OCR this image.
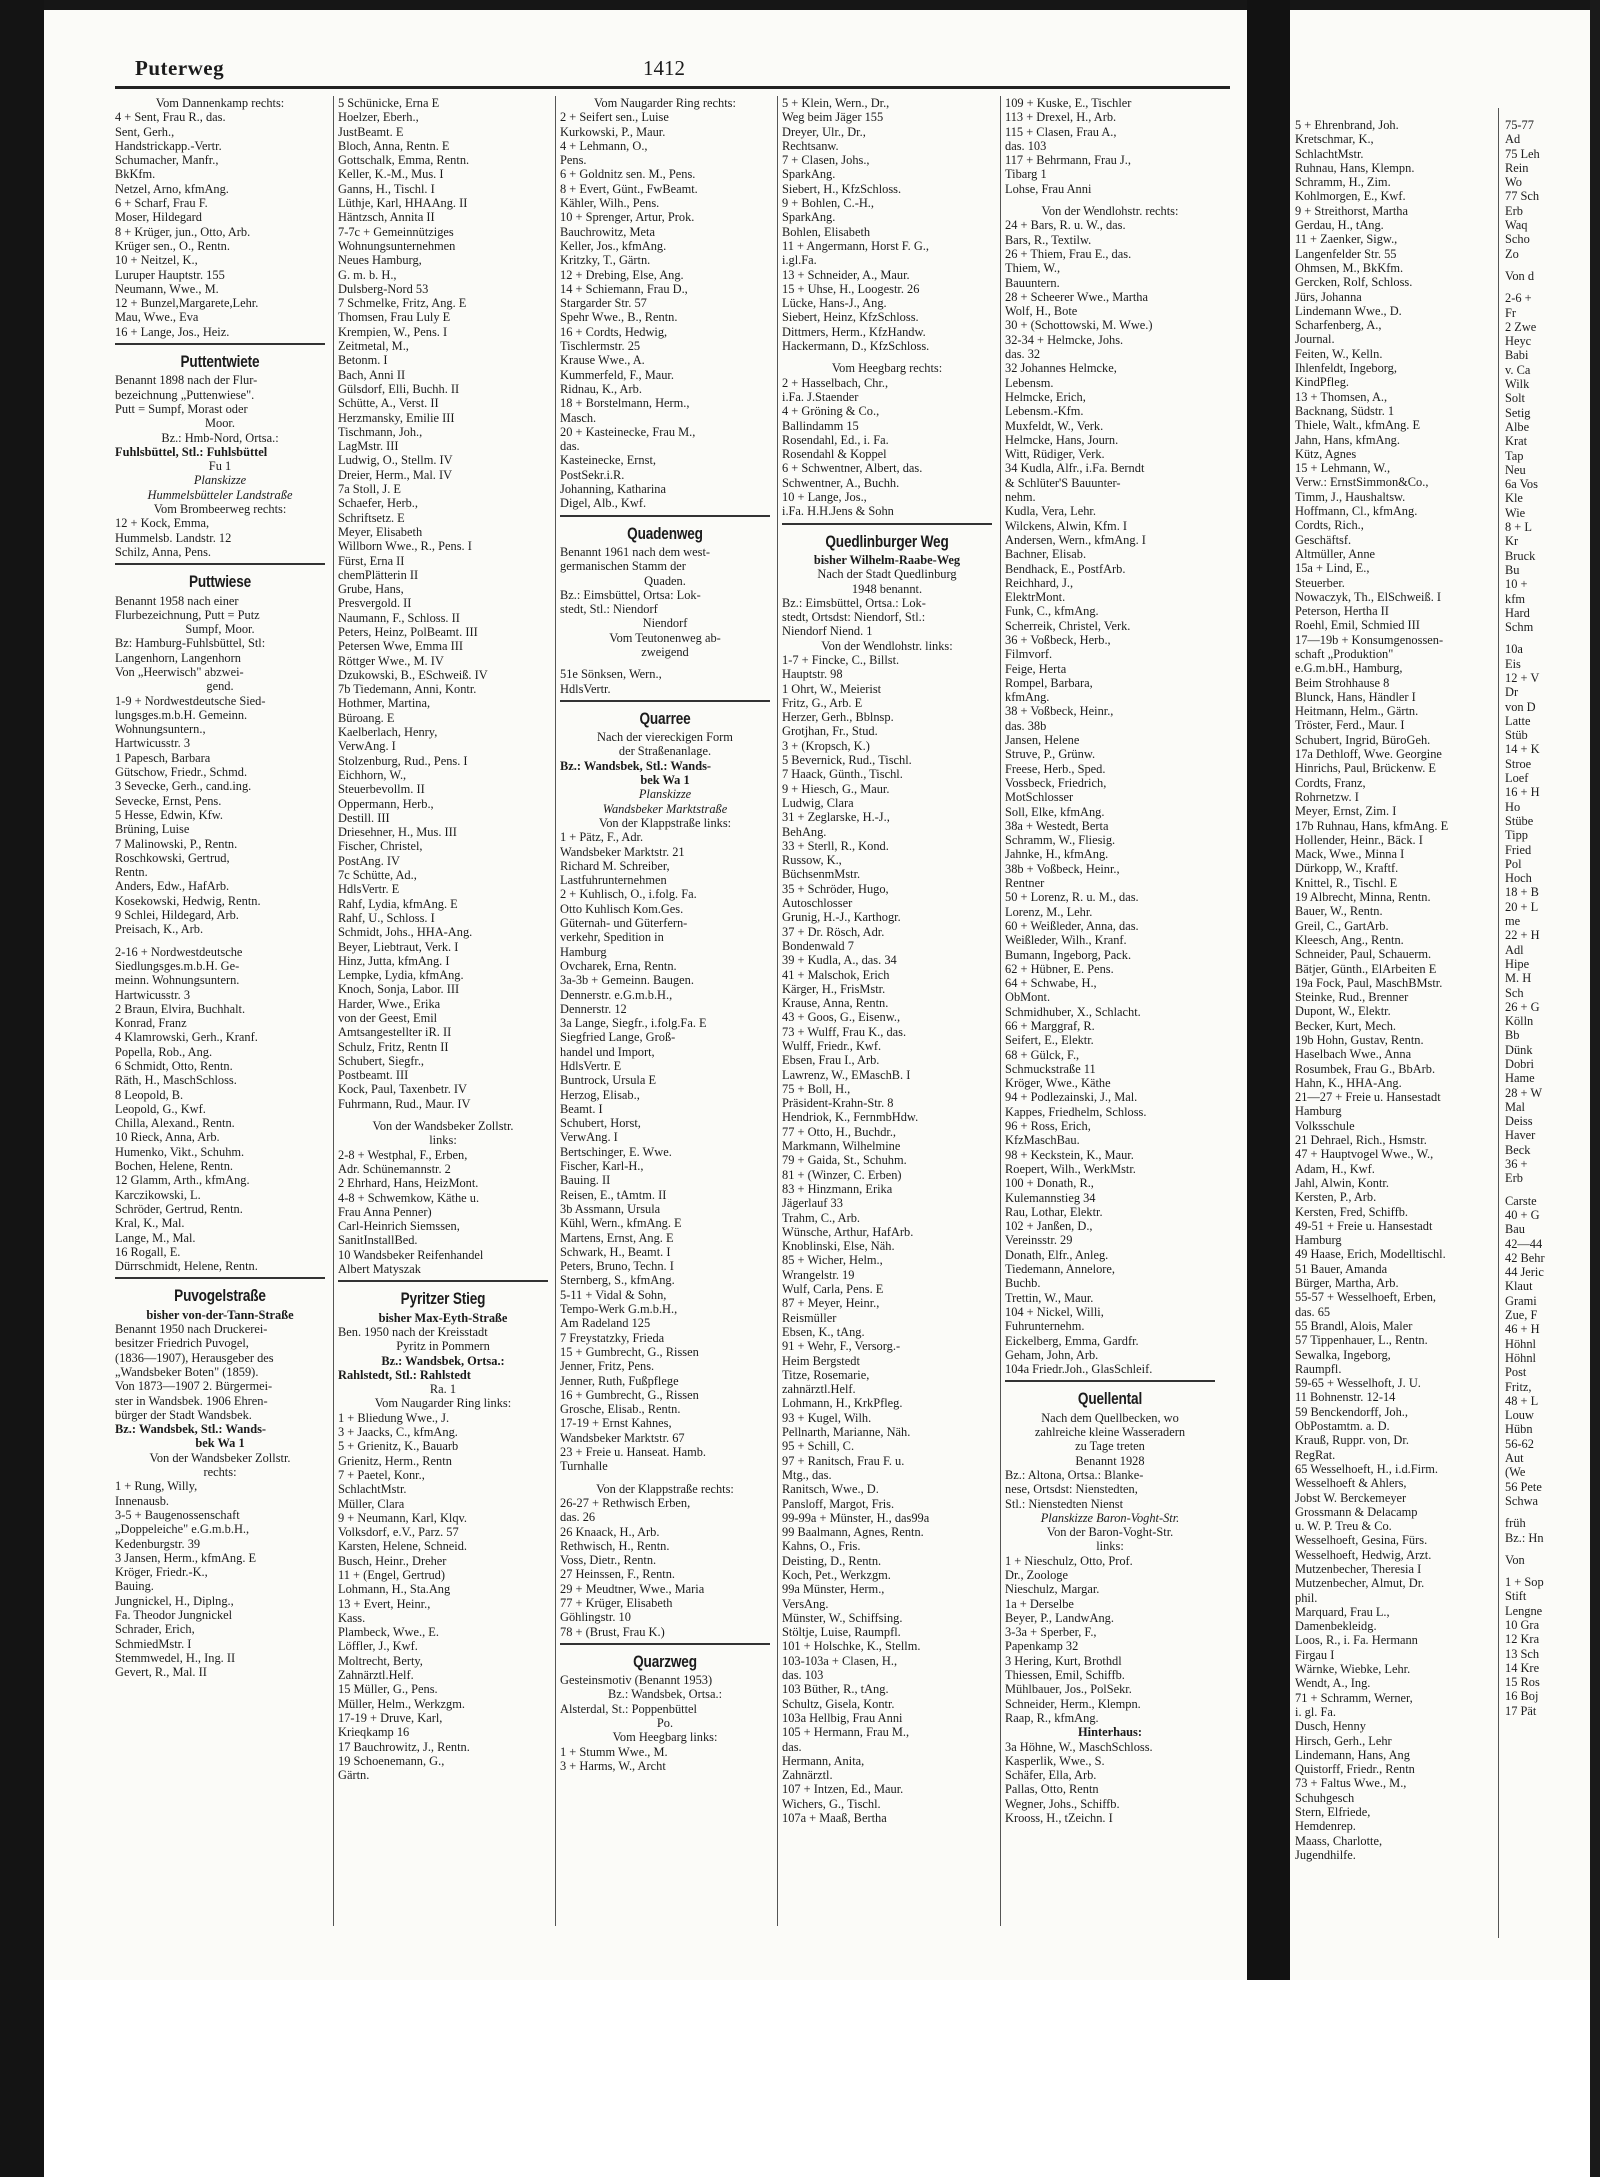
5 + Ehrenbrand, Joh.
Kretschmar, K.,
SchlachtMstr.
Ruhnau, Hans, Klempn.
Schramm, H., Zim.
Kohlmorgen, E., Kwf.
9 + Streithorst, Martha
Gerdau, H., tAng.
11 + Zaenker, Sigw.,
Langenfelder Str. 55
Ohmsen, M., BkKfm.
Gercken, Rolf, Schloss.
Jürs, Johanna
Lindemann Wwe., D.
Scharfenberg, A.,
Journal.
Feiten, W., Kelln.
Ihlenfeldt, Ingeborg,
KindPfleg.
13 + Thomsen, A.,
Backnang, Südstr. 1
Thiele, Walt., kfmAng. E
Jahn, Hans, kfmAng.
Kütz, Agnes
15 + Lehmann, W.,
Verw.: ErnstSimmon&Co.,
Timm, J., Haushaltsw.
Hoffmann, Cl., kfmAng.
Cordts, Rich.,
Geschäftsf.
Altmüller, Anne
15a + Lind, E.,
Steuerber.
Nowaczyk, Th., ElSchweiß. I
Peterson, Hertha II
Roehl, Emil, Schmied III
17—19b + Konsumgenossen-
schaft „Produktion"
e.G.m.bH., Hamburg,
Beim Strohhause 8
Blunck, Hans, Händler I
Heitmann, Helm., Gärtn.
Tröster, Ferd., Maur. I
Schubert, Ingrid, BüroGeh.
17a Dethloff, Wwe. Georgine
Hinrichs, Paul, Brückenw. E
Cordts, Franz,
Rohrnetzw. I
Meyer, Ernst, Zim. I
17b Ruhnau, Hans, kfmAng. E
Hollender, Heinr., Bäck. I
Mack, Wwe., Minna I
Dürkopp, W., Kraftf.
Knittel, R., Tischl. E
19 Albrecht, Minna, Rentn.
Bauer, W., Rentn.
Greil, C., GartArb.
Kleesch, Ang., Rentn.
Schneider, Paul, Schauerm.
Bätjer, Günth., ElArbeiten E
19a Fock, Paul, MaschBMstr.
Steinke, Rud., Brenner
Dupont, W., Elektr.
Becker, Kurt, Mech.
19b Hohn, Gustav, Rentn.
Haselbach Wwe., Anna
Rosumbek, Frau G., BbArb.
Hahn, K., HHA-Ang.
21—27 + Freie u. Hansestadt
Hamburg
Volksschule
21 Dehrael, Rich., Hsmstr.
47 + Hauptvogel Wwe., W.,
Adam, H., Kwf.
Jahl, Alwin, Kontr.
Kersten, P., Arb.
Kersten, Fred, Schiffb.
49-51 + Freie u. Hansestadt
Hamburg
49 Haase, Erich, Modelltischl.
51 Bauer, Amanda
Bürger, Martha, Arb.
55-57 + Wesselhoeft, Erben,
das. 65
55 Brandl, Alois, Maler
57 Tippenhauer, L., Rentn.
Sewalka, Ingeborg,
Raumpfl.
59-65 + Wesselhoft, J. U.
11 Bohnenstr. 12-14
59 Benckendorff, Joh.,
ObPostamtm. a. D.
Krauß, Ruppr. von, Dr.
RegRat.
65 Wesselhoeft, H., i.d.Firm.
Wesselhoeft & Ahlers,
Jobst W. Berckemeyer
Grossmann & Delacamp
u. W. P. Treu & Co.
Wesselhoeft, Gesina, Fürs.
Wesselhoeft, Hedwig, Arzt.
Mutzenbecher, Theresia I
Mutzenbecher, Almut, Dr.
phil.
Marquard, Frau L.,
Damenbekleidg.
Loos, R., i. Fa. Hermann
Firgau I
Wärnke, Wiebke, Lehr.
Wendt, A., Ing.
71 + Schramm, Werner,
i. gl. Fa.
Dusch, Henny
Hirsch, Gerh., Lehr
Lindemann, Hans, Ang
Quistorff, Friedr., Rentn
73 + Faltus Wwe., M.,
Schuhgesch
Stern, Elfriede,
Hemdenrep.
Maass, Charlotte,
Jugendhilfe.
75-77
Ad
75 Leh
Rein
Wo
77 Sch
Erb
Waq
Scho
Zo
Von d
2-6 +
Fr
2 Zwe
Heyc
Babi
v. Ca
Wilk
Solt
Setig
Albe
Krat
Tap
Neu
6a Vos
Kle
Wie
8 + L
Kr
Bruck
Bu
10 +
kfm
Hard
Schm
10a
Eis
12 + V
Dr
von D
Latte
Stüb
14 + K
Stroe
Loef
16 + H
Ho
Stübe
Tipp
Fried
Pol
Hoch
18 + B
20 + L
me
22 + H
Adl
Hipe
M. H
Sch
26 + G
Kölln
Bb
Dünk
Dobri
Hame
28 + W
Mal
Deiss
Haver
Beck
36 +
Erb
Carste
40 + G
Bau
42—44
42 Behr
44 Jeric
Klaut
Grami
Zue, F
46 + H
Höhnl
Höhnl
Post
Fritz,
48 + L
Louw
Hübn
56-62
Aut
(We
56 Pete
Schwa
früh
Bz.: Hn
Von
1 + Sop
Stift
Lengne
10 Gra
12 Kra
13 Sch
14 Kre
15 Ros
16 Boj
17 Pät
Puterweg	1412
Vom Dannenkamp rechts:
4 + Sent, Frau R., das.
Sent, Gerh.,
Handstrickapp.-Vertr.
Schumacher, Manfr.,
BkKfm.
Netzel, Arno, kfmAng.
6 + Scharf, Frau F.
Moser, Hildegard
8 + Krüger, jun., Otto, Arb.
Krüger sen., O., Rentn.
10 + Neitzel, K.,
Luruper Hauptstr. 155
Neumann, Wwe., M.
12 + Bunzel,Margarete,Lehr.
Mau, Wwe., Eva
16 + Lange, Jos., Heiz.
Puttentwiete
Benannt 1898 nach der Flur-
bezeichnung „Puttenwiese".
Putt = Sumpf, Morast oder
Moor.
Bz.: Hmb-Nord, Ortsa.:
Fuhlsbüttel, Stl.: Fuhlsbüttel
Fu 1
Planskizze
Hummelsbütteler Landstraße
Vom Brombeerweg rechts:
12 + Kock, Emma,
Hummelsb. Landstr. 12
Schilz, Anna, Pens.
Puttwiese
Benannt 1958 nach einer
Flurbezeichnung, Putt = Putz
Sumpf, Moor.
Bz: Hamburg-Fuhlsbüttel, Stl:
Langenhorn, Langenhorn
Von „Heerwisch" abzwei-
gend.
1-9 + Nordwestdeutsche Sied-
lungsges.m.b.H. Gemeinn.
Wohnungsuntern.,
Hartwicusstr. 3
1 Papesch, Barbara
Gütschow, Friedr., Schmd.
3 Sevecke, Gerh., cand.ing.
Sevecke, Ernst, Pens.
5 Hesse, Edwin, Kfw.
Brüning, Luise
7 Malinowski, P., Rentn.
Roschkowski, Gertrud,
Rentn.
Anders, Edw., HafArb.
Kosekowski, Hedwig, Rentn.
9 Schlei, Hildegard, Arb.
Preisach, K., Arb.
2-16 + Nordwestdeutsche
Siedlungsges.m.b.H. Ge-
meinn. Wohnungsuntern.
Hartwicusstr. 3
2 Braun, Elvira, Buchhalt.
Konrad, Franz
4 Klamrowski, Gerh., Kranf.
Popella, Rob., Ang.
6 Schmidt, Otto, Rentn.
Räth, H., MaschSchloss.
8 Leopold, B.
Leopold, G., Kwf.
Chilla, Alexand., Rentn.
10 Rieck, Anna, Arb.
Humenko, Vikt., Schuhm.
Bochen, Helene, Rentn.
12 Glamm, Arth., kfmAng.
Karczikowski, L.
Schröder, Gertrud, Rentn.
Kral, K., Mal.
Lange, M., Mal.
16 Rogall, E.
Dürrschmidt, Helene, Rentn.
Puvogelstraße
bisher von-der-Tann-Straße
Benannt 1950 nach Druckerei-
besitzer Friedrich Puvogel,
(1836—1907), Herausgeber des
„Wandsbeker Boten" (1859).
Von 1873—1907 2. Bürgermei-
ster in Wandsbek. 1906 Ehren-
bürger der Stadt Wandsbek.
Bz.: Wandsbek, Stl.: Wands-
bek Wa 1
Von der Wandsbeker Zollstr.
rechts:
1 + Rung, Willy,
Innenausb.
3-5 + Baugenossenschaft
„Doppeleiche" e.G.m.b.H.,
Kedenburgstr. 39
3 Jansen, Herm., kfmAng. E
Kröger, Friedr.-K.,
Bauing.
Jungnickel, H., Diplng.,
Fa. Theodor Jungnickel
Schrader, Erich,
SchmiedMstr. I
Stemmwedel, H., Ing. II
Gevert, R., Mal. II
5 Schünicke, Erna E
Hoelzer, Eberh.,
JustBeamt. E
Bloch, Anna, Rentn. E
Gottschalk, Emma, Rentn.
Keller, K.-M., Mus. I
Ganns, H., Tischl. I
Lüthje, Karl, HHAAng. II
Häntzsch, Annita II
7-7c + Gemeinnütziges
Wohnungsunternehmen
Neues Hamburg,
G. m. b. H.,
Dulsberg-Nord 53
7 Schmelke, Fritz, Ang. E
Thomsen, Frau Luly E
Krempien, W., Pens. I
Zeitmetal, M.,
Betonm. I
Bach, Anni II
Gülsdorf, Elli, Buchh. II
Schütte, A., Verst. II
Herzmansky, Emilie III
Tischmann, Joh.,
LagMstr. III
Ludwig, O., Stellm. IV
Dreier, Herm., Mal. IV
7a Stoll, J. E
Schaefer, Herb.,
Schriftsetz. E
Meyer, Elisabeth
Willborn Wwe., R., Pens. I
Fürst, Erna II
chemPlätterin II
Grube, Hans,
Presvergold. II
Naumann, F., Schloss. II
Peters, Heinz, PolBeamt. III
Petersen Wwe, Emma III
Röttger Wwe., M. IV
Dzukowski, B., ESchweiß. IV
7b Tiedemann, Anni, Kontr.
Hothmer, Martina,
Büroang. E
Kaelberlach, Henry,
VerwAng. I
Stolzenburg, Rud., Pens. I
Eichhorn, W.,
Steuerbevollm. II
Oppermann, Herb.,
Destill. III
Driesehner, H., Mus. III
Fischer, Christel,
PostAng. IV
7c Schütte, Ad.,
HdlsVertr. E
Rahf, Lydia, kfmAng. E
Rahf, U., Schloss. I
Schmidt, Johs., HHA-Ang.
Beyer, Liebtraut, Verk. I
Hinz, Jutta, kfmAng. I
Lempke, Lydia, kfmAng.
Knoch, Sonja, Labor. III
Harder, Wwe., Erika
von der Geest, Emil
Amtsangestellter iR. II
Schulz, Fritz, Rentn II
Schubert, Siegfr.,
Postbeamt. III
Kock, Paul, Taxenbetr. IV
Fuhrmann, Rud., Maur. IV
Von der Wandsbeker Zollstr.
links:
2-8 + Westphal, F., Erben,
Adr. Schünemannstr. 2
2 Ehrhard, Hans, HeizMont.
4-8 + Schwemkow, Käthe u.
Frau Anna Penner)
Carl-Heinrich Siemssen,
SanitInstallBed.
10 Wandsbeker Reifenhandel
Albert Matyszak
Pyritzer Stieg
bisher Max-Eyth-Straße
Ben. 1950 nach der Kreisstadt
Pyritz in Pommern
Bz.: Wandsbek, Ortsa.:
Rahlstedt, Stl.: Rahlstedt
Ra. 1
Vom Naugarder Ring links:
1 + Bliedung Wwe., J.
3 + Jaacks, C., kfmAng.
5 + Grienitz, K., Bauarb
Grienitz, Herm., Rentn
7 + Paetel, Konr.,
SchlachtMstr.
Müller, Clara
9 + Neumann, Karl, Klqv.
Volksdorf, e.V., Parz. 57
Karsten, Helene, Schneid.
Busch, Heinr., Dreher
11 + (Engel, Gertrud)
Lohmann, H., Sta.Ang
13 + Evert, Heinr.,
Kass.
Plambeck, Wwe., E.
Löffler, J., Kwf.
Moltrecht, Berty,
Zahnärztl.Helf.
15 Müller, G., Pens.
Müller, Helm., Werkzgm.
17-19 + Druve, Karl,
Krieqkamp 16
17 Bauchrowitz, J., Rentn.
19 Schoenemann, G.,
Gärtn.
Vom Naugarder Ring rechts:
2 + Seifert sen., Luise
Kurkowski, P., Maur.
4 + Lehmann, O.,
Pens.
6 + Goldnitz sen. M., Pens.
8 + Evert, Günt., FwBeamt.
Kähler, Wilh., Pens.
10 + Sprenger, Artur, Prok.
Bauchrowitz, Meta
Keller, Jos., kfmAng.
Kritzky, T., Gärtn.
12 + Drebing, Else, Ang.
14 + Schiemann, Frau D.,
Stargarder Str. 57
Spehr Wwe., B., Rentn.
16 + Cordts, Hedwig,
Tischlermstr. 25
Krause Wwe., A.
Kummerfeld, F., Maur.
Ridnau, K., Arb.
18 + Borstelmann, Herm.,
Masch.
20 + Kasteinecke, Frau M.,
das.
Kasteinecke, Ernst,
PostSekr.i.R.
Johanning, Katharina
Digel, Alb., Kwf.
Quadenweg
Benannt 1961 nach dem west-
germanischen Stamm der
Quaden.
Bz.: Eimsbüttel, Ortsa: Lok-
stedt, Stl.: Niendorf
Niendorf
Vom Teutonenweg ab-
zweigend
51e Sönksen, Wern.,
HdlsVertr.
Quarree
Nach der viereckigen Form
der Straßenanlage.
Bz.: Wandsbek, Stl.: Wands-
bek Wa 1
Planskizze
Wandsbeker Marktstraße
Von der Klappstraße links:
1 + Pätz, F., Adr.
Wandsbeker Marktstr. 21
Richard M. Schreiber,
Lastfuhrunternehmen
2 + Kuhlisch, O., i.folg. Fa.
Otto Kuhlisch Kom.Ges.
Güternah- und Güterfern-
verkehr, Spedition in
Hamburg
Ovcharek, Erna, Rentn.
3a-3b + Gemeinn. Baugen.
Dennerstr. e.G.m.b.H.,
Dennerstr. 12
3a Lange, Siegfr., i.folg.Fa. E
Siegfried Lange, Groß-
handel und Import,
HdlsVertr. E
Buntrock, Ursula E
Herzog, Elisab.,
Beamt. I
Schubert, Horst,
VerwAng. I
Bertschinger, E. Wwe.
Fischer, Karl-H.,
Bauing. II
Reisen, E., tAmtm. II
3b Assmann, Ursula
Kühl, Wern., kfmAng. E
Martens, Ernst, Ang. E
Schwark, H., Beamt. I
Peters, Bruno, Techn. I
Sternberg, S., kfmAng.
5-11 + Vidal & Sohn,
Tempo-Werk G.m.b.H.,
Am Radeland 125
7 Freystatzky, Frieda
15 + Gumbrecht, G., Rissen
Jenner, Fritz, Pens.
Jenner, Ruth, Fußpflege
16 + Gumbrecht, G., Rissen
Grosche, Elisab., Rentn.
17-19 + Ernst Kahnes,
Wandsbeker Marktstr. 67
23 + Freie u. Hanseat. Hamb.
Turnhalle
Von der Klappstraße rechts:
26-27 + Rethwisch Erben,
das. 26
26 Knaack, H., Arb.
Rethwisch, H., Rentn.
Voss, Dietr., Rentn.
27 Heinssen, F., Rentn.
29 + Meudtner, Wwe., Maria
77 + Krüger, Elisabeth
Göhlingstr. 10
78 + (Brust, Frau K.)
Quarzweg
Gesteinsmotiv (Benannt 1953)
Bz.: Wandsbek, Ortsa.:
Alsterdal, St.: Poppenbüttel
Po.
Vom Heegbarg links:
1 + Stumm Wwe., M.
3 + Harms, W., Archt
5 + Klein, Wern., Dr.,
Weg beim Jäger 155
Dreyer, Ulr., Dr.,
Rechtsanw.
7 + Clasen, Johs.,
SparkAng.
Siebert, H., KfzSchloss.
9 + Bohlen, C.-H.,
SparkAng.
Bohlen, Elisabeth
11 + Angermann, Horst F. G.,
i.gl.Fa.
13 + Schneider, A., Maur.
15 + Uhse, H., Loogestr. 26
Lücke, Hans-J., Ang.
Siebert, Heinz, KfzSchloss.
Dittmers, Herm., KfzHandw.
Hackermann, D., KfzSchloss.
Vom Heegbarg rechts:
2 + Hasselbach, Chr.,
i.Fa. J.Staender
4 + Gröning & Co.,
Ballindamm 15
Rosendahl, Ed., i. Fa.
Rosendahl & Koppel
6 + Schwentner, Albert, das.
Schwentner, A., Buchh.
10 + Lange, Jos.,
i.Fa. H.H.Jens & Sohn
Quedlinburger Weg
bisher Wilhelm-Raabe-Weg
Nach der Stadt Quedlinburg
1948 benannt.
Bz.: Eimsbüttel, Ortsa.: Lok-
stedt, Ortsdst: Niendorf, Stl.:
Niendorf Niend. 1
Von der Wendlohstr. links:
1-7 + Fincke, C., Billst.
Hauptstr. 98
1 Ohrt, W., Meierist
Fritz, G., Arb. E
Herzer, Gerh., Bblnsp.
Grotjhan, Fr., Stud.
3 + (Kropsch, K.)
5 Bevernick, Rud., Tischl.
7 Haack, Günth., Tischl.
9 + Hiesch, G., Maur.
Ludwig, Clara
31 + Zeglarske, H.-J.,
BehAng.
33 + Sterll, R., Kond.
Russow, K.,
BüchsenmMstr.
35 + Schröder, Hugo,
Autoschlosser
Grunig, H.-J., Karthogr.
37 + Dr. Rösch, Adr.
Bondenwald 7
39 + Kudla, A., das. 34
41 + Malschok, Erich
Kärger, H., FrisMstr.
Krause, Anna, Rentn.
43 + Goos, G., Eisenw.,
73 + Wulff, Frau K., das.
Wulff, Friedr., Kwf.
Ebsen, Frau I., Arb.
Lawrenz, W., EMaschB. I
75 + Boll, H.,
Präsident-Krahn-Str. 8
Hendriok, K., FernmbHdw.
77 + Otto, H., Buchdr.,
Markmann, Wilhelmine
79 + Gaida, St., Schuhm.
81 + (Winzer, C. Erben)
83 + Hinzmann, Erika
Jägerlauf 33
Trahm, C., Arb.
Wünsche, Arthur, HafArb.
Knoblinski, Else, Näh.
85 + Wicher, Helm.,
Wrangelstr. 19
Wulf, Carla, Pens. E
87 + Meyer, Heinr.,
Reismüller
Ebsen, K., tAng.
91 + Wehr, F., Versorg.-
Heim Bergstedt
Titze, Rosemarie,
zahnärztl.Helf.
Lohmann, H., KrkPfleg.
93 + Kugel, Wilh.
Pellnarth, Marianne, Näh.
95 + Schill, C.
97 + Ranitsch, Frau F. u.
Mtg., das.
Ranitsch, Wwe., D.
Pansloff, Margot, Fris.
99-99a + Münster, H., das99a
99 Baalmann, Agnes, Rentn.
Kahns, O., Fris.
Deisting, D., Rentn.
Koch, Pet., Werkzgm.
99a Münster, Herm.,
VersAng.
Münster, W., Schiffsing.
Stöltje, Luise, Raumpfl.
101 + Holschke, K., Stellm.
103-103a + Clasen, H.,
das. 103
103 Büther, R., tAng.
Schultz, Gisela, Kontr.
103a Hellbig, Frau Anni
105 + Hermann, Frau M.,
das.
Hermann, Anita,
Zahnärztl.
107 + Intzen, Ed., Maur.
Wichers, G., Tischl.
107a + Maaß, Bertha
109 + Kuske, E., Tischler
113 + Drexel, H., Arb.
115 + Clasen, Frau A.,
das. 103
117 + Behrmann, Frau J.,
Tibarg 1
Lohse, Frau Anni
Von der Wendlohstr. rechts:
24 + Bars, R. u. W., das.
Bars, R., Textilw.
26 + Thiem, Frau E., das.
Thiem, W.,
Bauuntern.
28 + Scheerer Wwe., Martha
Wolf, H., Bote
30 + (Schottowski, M. Wwe.)
32-34 + Helmcke, Johs.
das. 32
32 Johannes Helmcke,
Lebensm.
Helmcke, Erich,
Lebensm.-Kfm.
Muxfeldt, W., Verk.
Helmcke, Hans, Journ.
Witt, Rüdiger, Verk.
34 Kudla, Alfr., i.Fa. Berndt
& Schlüter'S Bauunter-
nehm.
Kudla, Vera, Lehr.
Wilckens, Alwin, Kfm. I
Andersen, Wern., kfmAng. I
Bachner, Elisab.
Bendhack, E., PostfArb.
Reichhard, J.,
ElektrMont.
Funk, C., kfmAng.
Scherreik, Christel, Verk.
36 + Voßbeck, Herb.,
Filmvorf.
Feige, Herta
Rompel, Barbara,
kfmAng.
38 + Voßbeck, Heinr.,
das. 38b
Jansen, Helene
Struve, P., Grünw.
Freese, Herb., Sped.
Vossbeck, Friedrich,
MotSchlosser
Soll, Elke, kfmAng.
38a + Westedt, Berta
Schramm, W., Fliesig.
Jahnke, H., kfmAng.
38b + Voßbeck, Heinr.,
Rentner
50 + Lorenz, R. u. M., das.
Lorenz, M., Lehr.
60 + Weißleder, Anna, das.
Weißleder, Wilh., Kranf.
Bumann, Ingeborg, Pack.
62 + Hübner, E. Pens.
64 + Schwabe, H.,
ObMont.
Schmidhuber, X., Schlacht.
66 + Marggraf, R.
Seifert, E., Elektr.
68 + Gülck, F.,
Schmuckstraße 11
Kröger, Wwe., Käthe
94 + Podlezainski, J., Mal.
Kappes, Friedhelm, Schloss.
96 + Ross, Erich,
KfzMaschBau.
98 + Keckstein, K., Maur.
Roepert, Wilh., WerkMstr.
100 + Donath, R.,
Kulemannstieg 34
Rau, Lothar, Elektr.
102 + Janßen, D.,
Vereinsstr. 29
Donath, Elfr., Anleg.
Tiedemann, Annelore,
Buchb.
Trettin, W., Maur.
104 + Nickel, Willi,
Fuhrunternehm.
Eickelberg, Emma, Gardfr.
Geham, John, Arb.
104a Friedr.Joh., GlasSchleif.
Quellental
Nach dem Quellbecken, wo
zahlreiche kleine Wasseradern
zu Tage treten
Benannt 1928
Bz.: Altona, Ortsa.: Blanke-
nese, Ortsdst: Nienstedten,
Stl.: Nienstedten Nienst
Planskizze Baron-Voght-Str.
Von der Baron-Voght-Str.
links:
1 + Nieschulz, Otto, Prof.
Dr., Zoologe
Nieschulz, Margar.
1a + Derselbe
Beyer, P., LandwAng.
3-3a + Sperber, F.,
Papenkamp 32
3 Hering, Kurt, Brothdl
Thiessen, Emil, Schiffb.
Mühlbauer, Jos., PolSekr.
Schneider, Herm., Klempn.
Raap, R., kfmAng.
Hinterhaus:
3a Höhne, W., MaschSchloss.
Kasperlik, Wwe., S.
Schäfer, Ella, Arb.
Pallas, Otto, Rentn
Wegner, Johs., Schiffb.
Krooss, H., tZeichn. I
